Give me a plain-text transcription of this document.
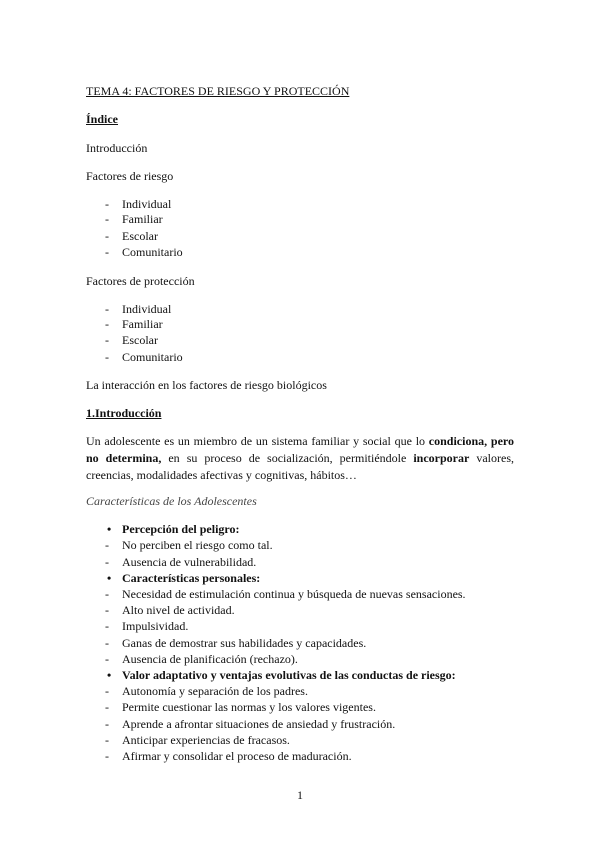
TEMA 4: FACTORES DE RIESGO Y PROTECCIÓN
Índice
Introducción
Factores de riesgo
- Individual
- Familiar
- Escolar
- Comunitario
Factores de protección
- Individual
- Familiar
- Escolar
- Comunitario
La interacción en los factores de riesgo biológicos
1.Introducción
Un adolescente es un miembro de un sistema familiar y social que lo condiciona, pero no determina, en su proceso de socialización, permitiéndole incorporar valores, creencias, modalidades afectivas y cognitivas, hábitos…
Características de los Adolescentes
• Percepción del peligro:
- No perciben el riesgo como tal.
- Ausencia de vulnerabilidad.
• Características personales:
- Necesidad de estimulación continua y búsqueda de nuevas sensaciones.
- Alto nivel de actividad.
- Impulsividad.
- Ganas de demostrar sus habilidades y capacidades.
- Ausencia de planificación (rechazo).
• Valor adaptativo y ventajas evolutivas de las conductas de riesgo:
- Autonomía y separación de los padres.
- Permite cuestionar las normas y los valores vigentes.
- Aprende a afrontar situaciones de ansiedad y frustración.
- Anticipar experiencias de fracasos.
- Afirmar y consolidar el proceso de maduración.
1
